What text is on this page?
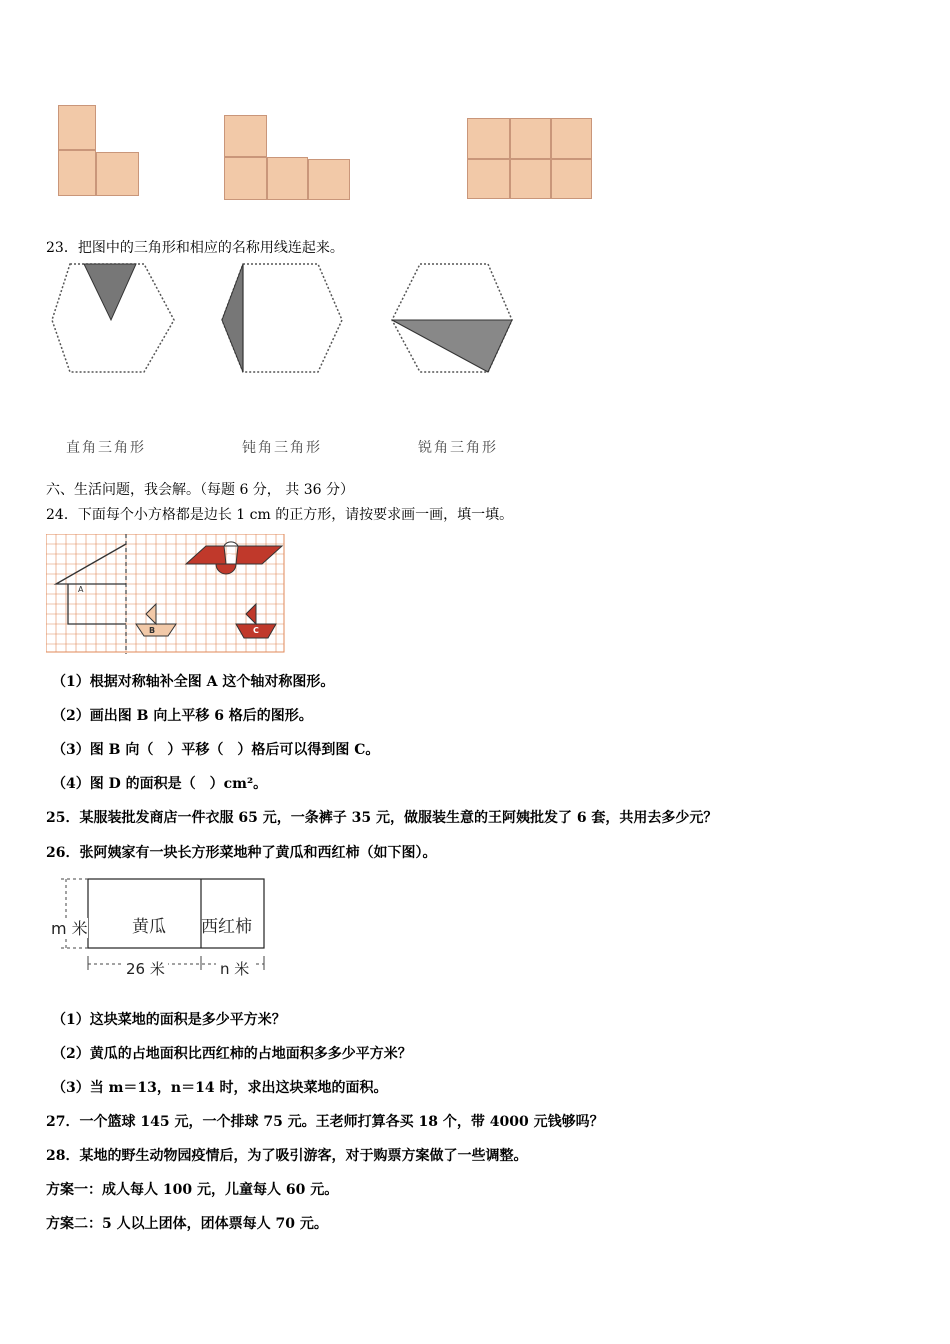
23．把图中的三角形和相应的名称用线连起来。
直角三角形	钝角三角形	锐角三角形
六、生活问题，我会解。（每题 6 分， 共 36 分）
24．下面每个小方格都是边长 1 cm 的正方形，请按要求画一画，填一填。
A
B	C
D
（1）根据对称轴补全图 A 这个轴对称图形。
（2）画出图 B 向上平移 6 格后的图形。
（3）图 B 向（　）平移（　）格后可以得到图 C。
（4）图 D 的面积是（　）cm²。
25．某服装批发商店一件衣服 65 元，一条裤子 35 元，做服装生意的王阿姨批发了 6 套，共用去多少元？
26．张阿姨家有一块长方形菜地种了黄瓜和西红柿（如下图）。
m 米	黄瓜 西红柿
26 米	n 米
（1）这块菜地的面积是多少平方米？
（2）黄瓜的占地面积比西红柿的占地面积多多少平方米？
（3）当 m＝13，n＝14 时，求出这块菜地的面积。
27．一个篮球 145 元，一个排球 75 元。王老师打算各买 18 个，带 4000 元钱够吗？
28．某地的野生动物园疫情后，为了吸引游客，对于购票方案做了一些调整。
方案一：成人每人 100 元，儿童每人 60 元。
方案二：5 人以上团体，团体票每人 70 元。
